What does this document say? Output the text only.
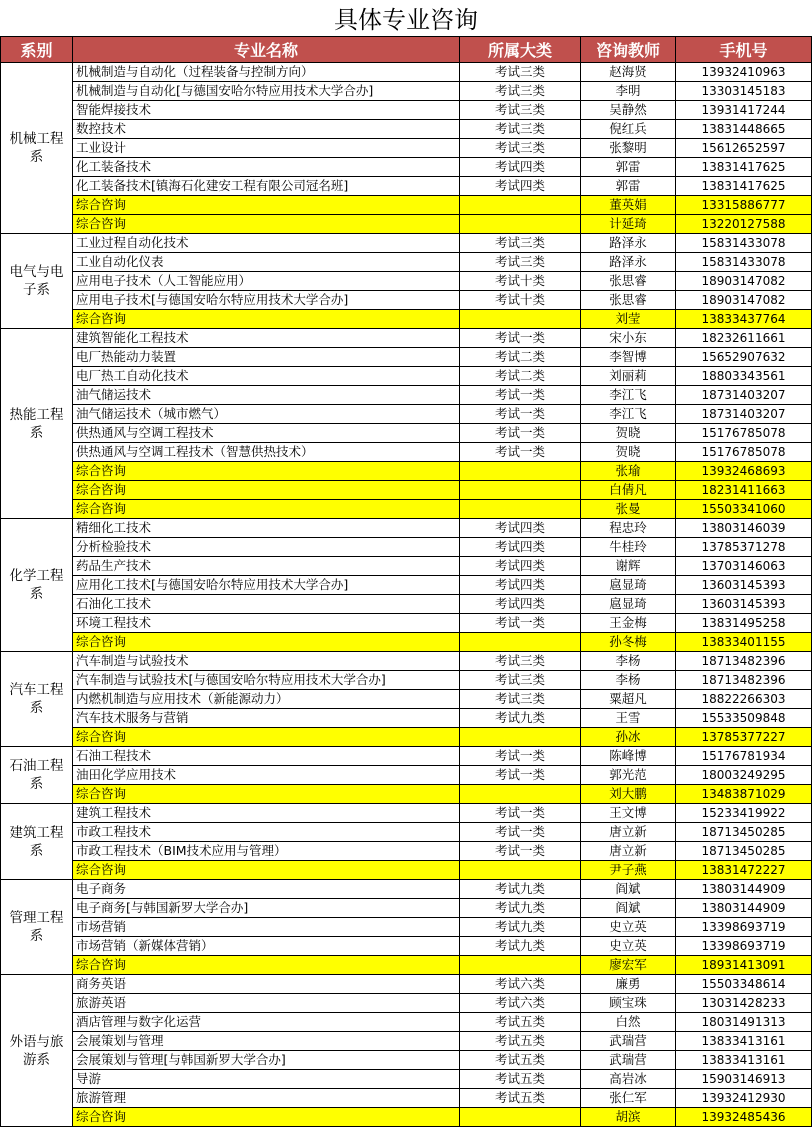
具体专业咨询
系别	专业名称	所属大类	咨询教师	手机号
机械工程系	机械制造与自动化（过程装备与控制方向）	考试三类	赵海贤	13932410963
	机械制造与自动化[与德国安哈尔特应用技术大学合办]	考试三类	李明	13303145183
	智能焊接技术	考试三类	吴静然	13931417244
	数控技术	考试三类	倪红兵	13831448665
	工业设计	考试三类	张黎明	15612652597
	化工装备技术	考试四类	郭雷	13831417625
	化工装备技术[镇海石化建安工程有限公司冠名班]	考试四类	郭雷	13831417625
	综合咨询		董英娟	13315886777
	综合咨询		计延琦	13220127588
电气与电子系	工业过程自动化技术	考试三类	路泽永	15831433078
	工业自动化仪表	考试三类	路泽永	15831433078
	应用电子技术（人工智能应用）	考试十类	张思睿	18903147082
	应用电子技术[与德国安哈尔特应用技术大学合办]	考试十类	张思睿	18903147082
	综合咨询		刘莹	13833437764
热能工程系	建筑智能化工程技术	考试一类	宋小东	18232611661
	电厂热能动力装置	考试二类	李智博	15652907632
	电厂热工自动化技术	考试二类	刘丽莉	18803343561
	油气储运技术	考试一类	李江飞	18731403207
	油气储运技术（城市燃气）	考试一类	李江飞	18731403207
	供热通风与空调工程技术	考试一类	贺晓	15176785078
	供热通风与空调工程技术（智慧供热技术）	考试一类	贺晓	15176785078
	综合咨询		张瑜	13932468693
	综合咨询		白倩凡	18231411663
	综合咨询		张曼	15503341060
化学工程系	精细化工技术	考试四类	程忠玲	13803146039
	分析检验技术	考试四类	牛桂玲	13785371278
	药品生产技术	考试四类	谢辉	13703146063
	应用化工技术[与德国安哈尔特应用技术大学合办]	考试四类	扈显琦	13603145393
	石油化工技术	考试四类	扈显琦	13603145393
	环境工程技术	考试一类	王金梅	13831495258
	综合咨询		孙冬梅	13833401155
汽车工程系	汽车制造与试验技术	考试三类	李杨	18713482396
	汽车制造与试验技术[与德国安哈尔特应用技术大学合办]	考试三类	李杨	18713482396
	内燃机制造与应用技术（新能源动力）	考试三类	粟超凡	18822266303
	汽车技术服务与营销	考试九类	王雪	15533509848
	综合咨询		孙冰	13785377227
石油工程系	石油工程技术	考试一类	陈峰博	15176781934
	油田化学应用技术	考试一类	郭光范	18003249295
	综合咨询		刘大鹏	13483871029
建筑工程系	建筑工程技术	考试一类	王文博	15233419922
	市政工程技术	考试一类	唐立新	18713450285
	市政工程技术（BIM技术应用与管理）	考试一类	唐立新	18713450285
	综合咨询		尹子燕	13831472227
管理工程系	电子商务	考试九类	阎斌	13803144909
	电子商务[与韩国新罗大学合办]	考试九类	阎斌	13803144909
	市场营销	考试九类	史立英	13398693719
	市场营销（新媒体营销）	考试九类	史立英	13398693719
	综合咨询		廖宏军	18931413091
外语与旅游系	商务英语	考试六类	廉勇	15503348614
	旅游英语	考试六类	顾宝珠	13031428233
	酒店管理与数字化运营	考试五类	白然	18031491313
	会展策划与管理	考试五类	武瑞营	13833413161
	会展策划与管理[与韩国新罗大学合办]	考试五类	武瑞营	13833413161
	导游	考试五类	高岩冰	15903146913
	旅游管理	考试五类	张仁军	13932412930
	综合咨询		胡滨	13932485436
